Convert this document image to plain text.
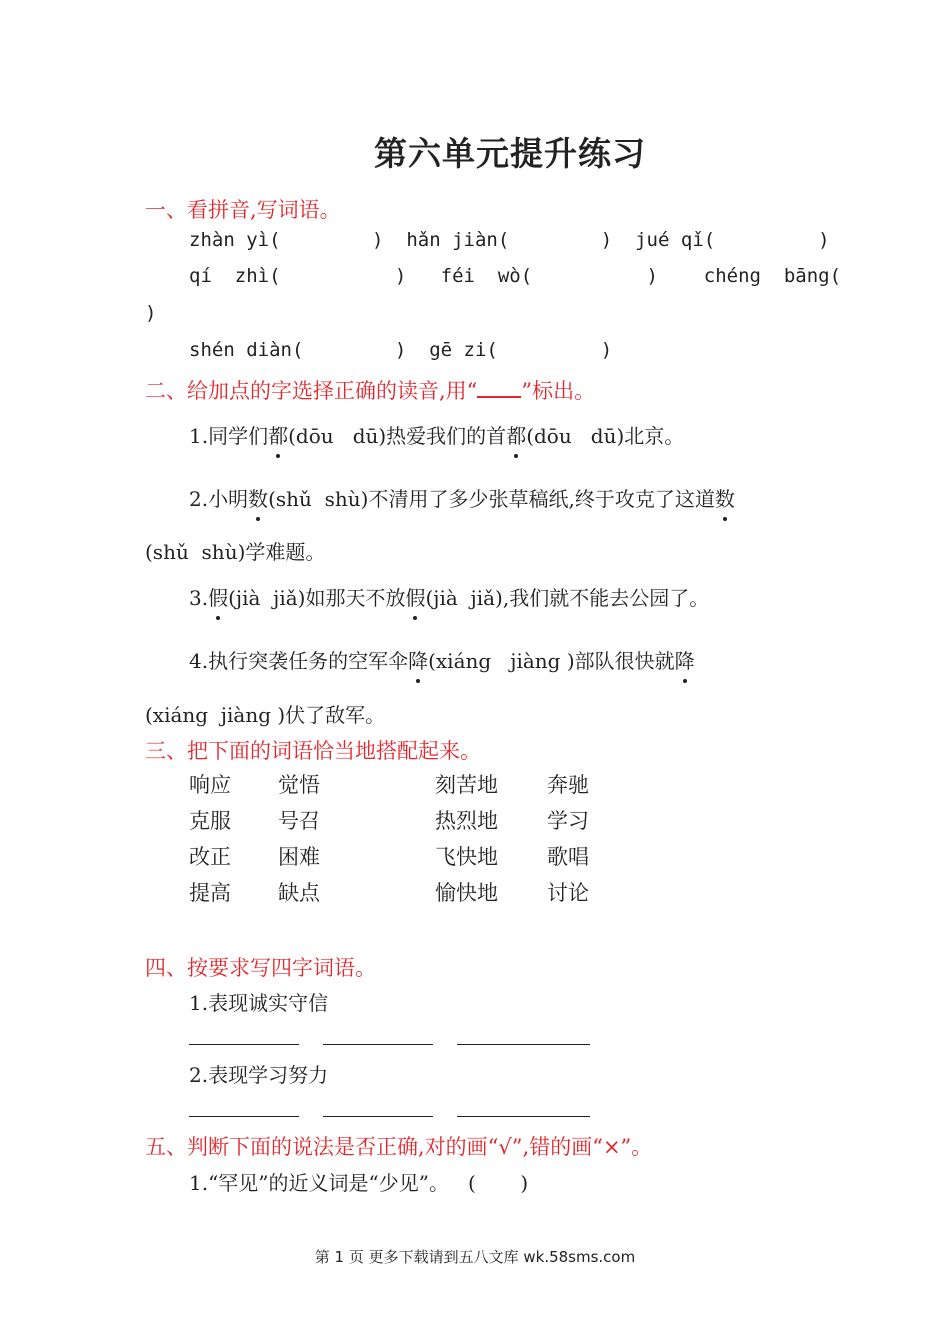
第六单元提升练习
一、看拼音,写词语。
zhàn yì(        )  hǎn jiàn(        )  jué qǐ(         )
qí  zhì(          )   féi  wò(          )    chéng  bāng(
)
shén diàn(        )  gē zi(         )
二、给加点的字选择正确的读音,用“ ”标出。
1.同学们都(dōu   dū)热爱我们的首都(dōu   dū)北京。
2.小明数(shǔ  shù)不清用了多少张草稿纸,终于攻克了这道数
(shǔ  shù)学难题。
3.假(jià  jiǎ)如那天不放假(jià  jiǎ),我们就不能去公园了。
4.执行突袭任务的空军伞降(xiáng   jiàng )部队很快就降
(xiáng  jiàng )伏了敌军。
三、把下面的词语恰当地搭配起来。
响应
克服
改正
提高
觉悟
号召
困难
缺点
刻苦地
热烈地
飞快地
愉快地
奔驰
学习
歌唱
讨论
四、按要求写四字词语。
1.表现诚实守信
2.表现学习努力
五、判断下面的说法是否正确,对的画“√”,错的画“×”。
1.“罕见”的近义词是“少见”。   (       )
第 1 页 更多下载请到五八文库 wk.58sms.com
